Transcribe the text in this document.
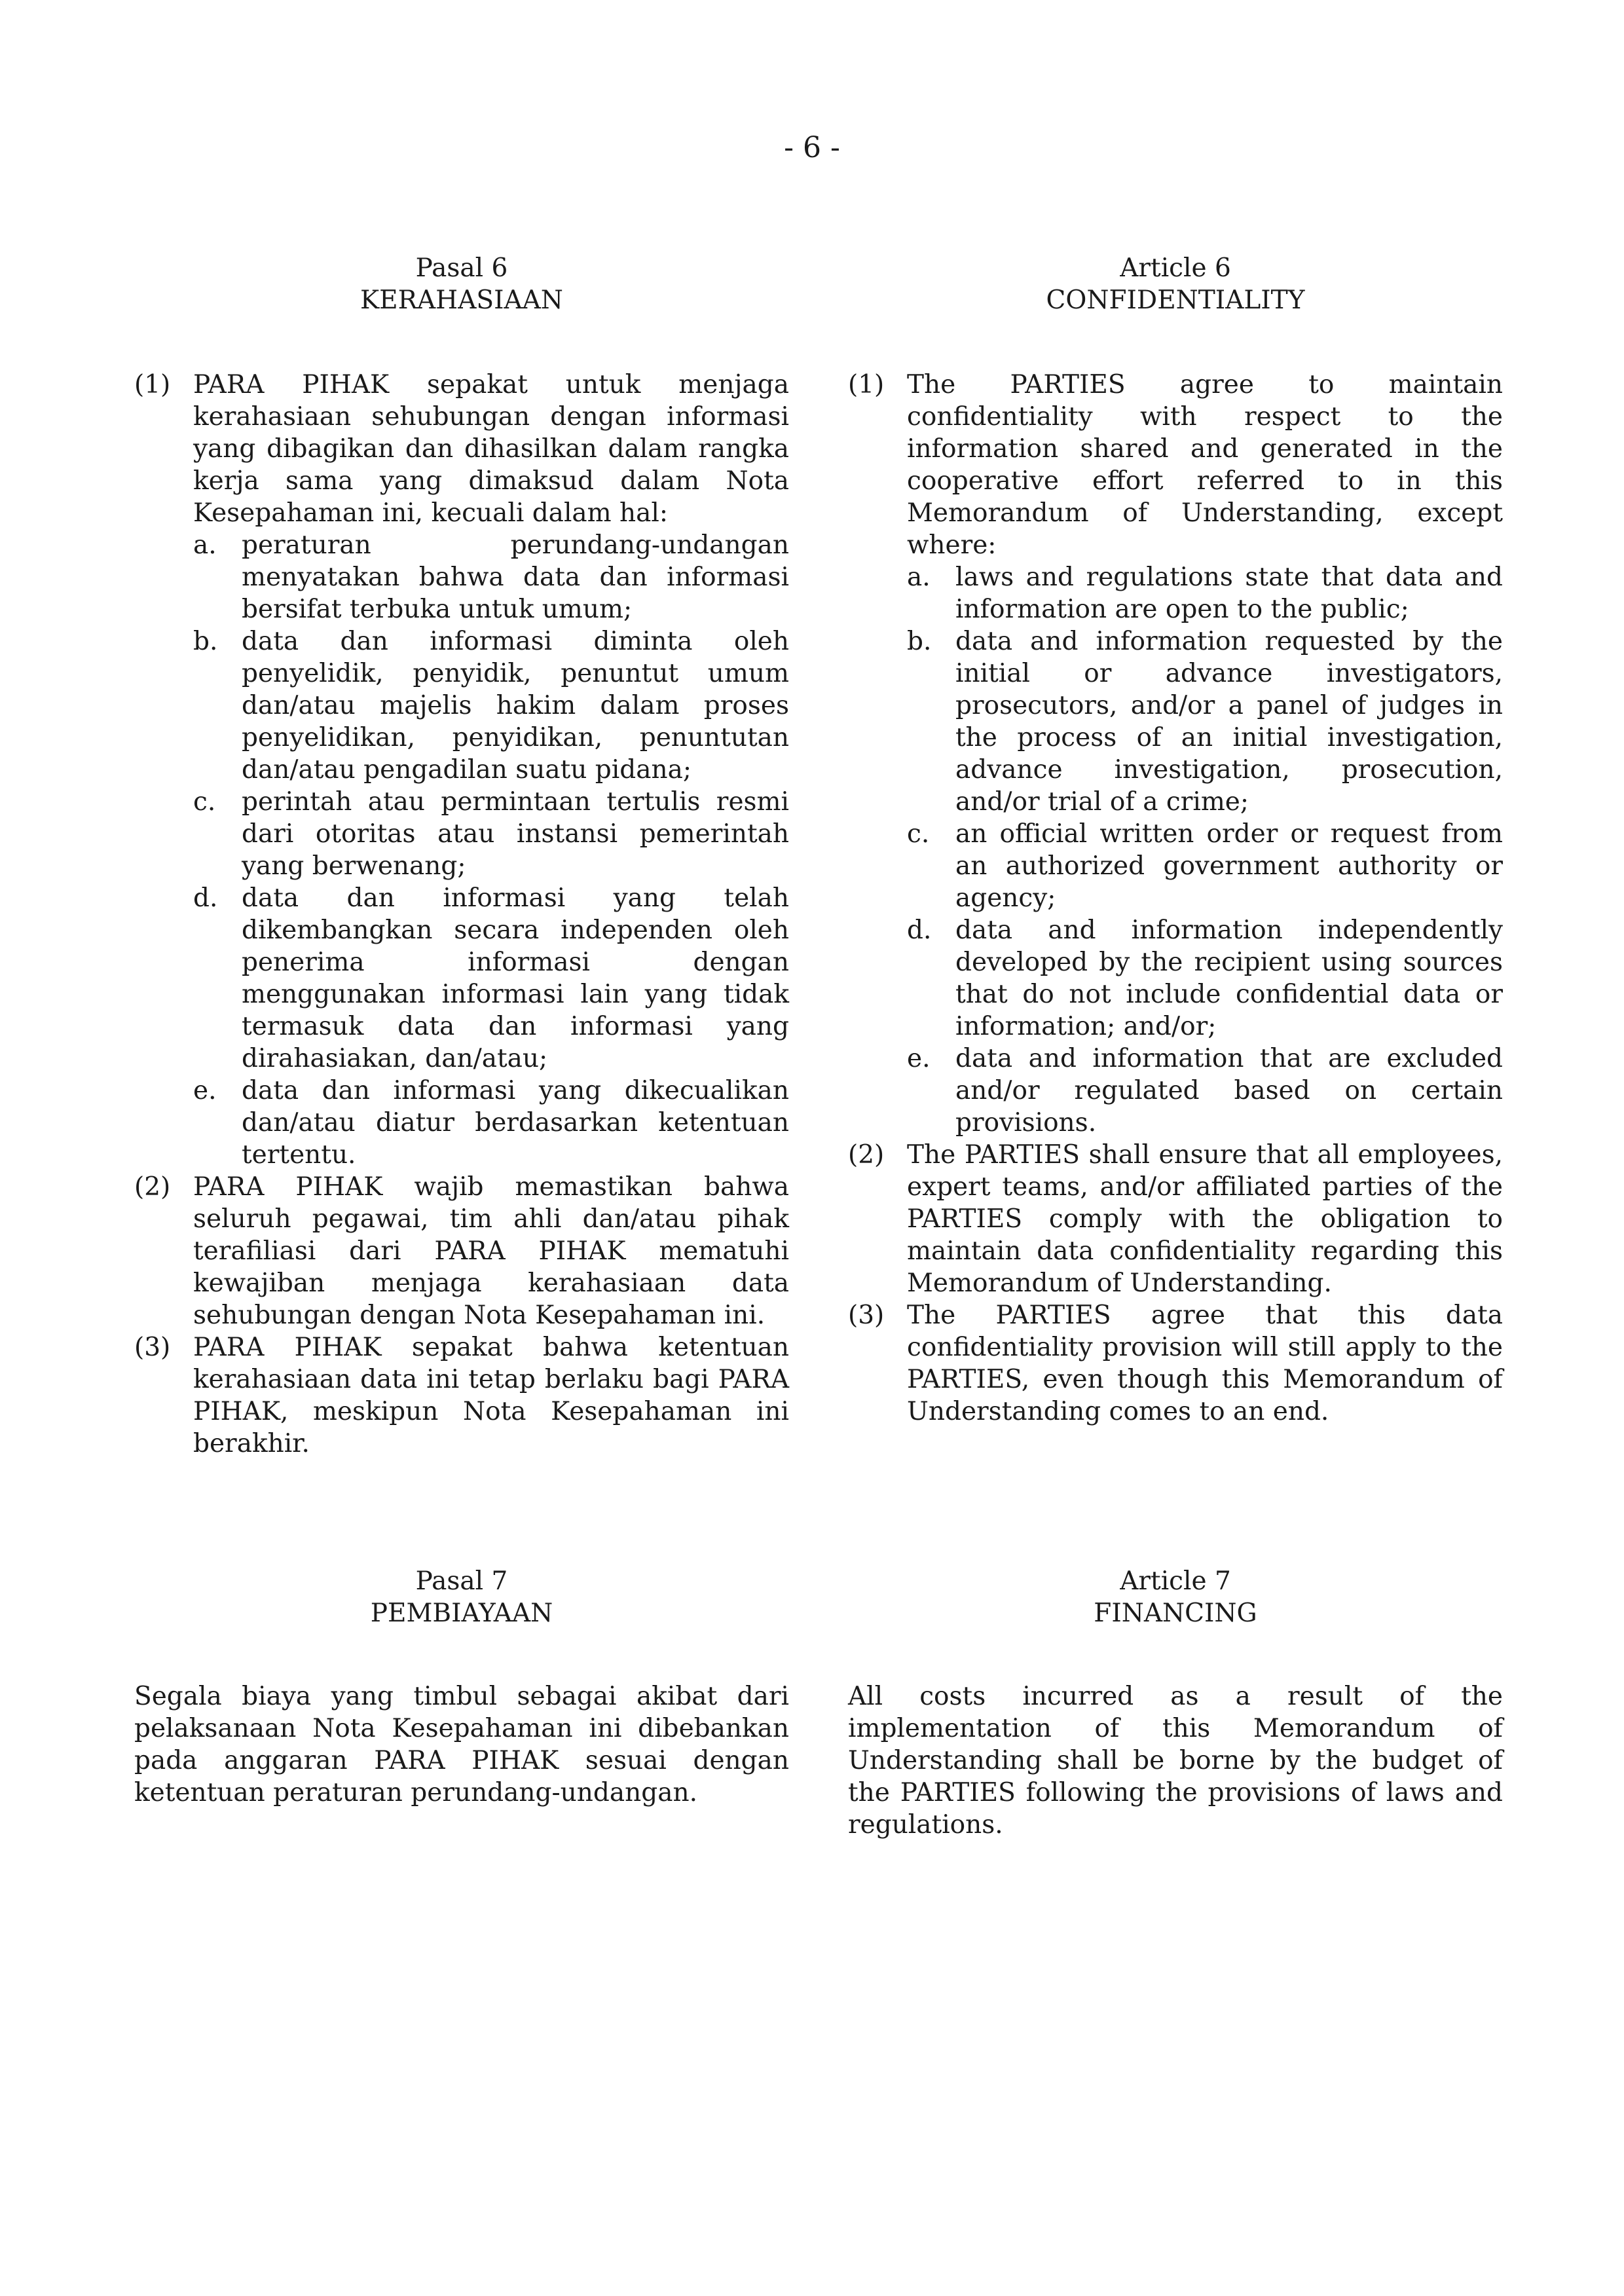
- 6 -
Pasal 6
KERAHASIAAN
(1) PARA PIHAK sepakat untuk menjaga kerahasiaan sehubungan dengan informasi yang dibagikan dan dihasilkan dalam rangka kerja sama yang dimaksud dalam Nota Kesepahaman ini, kecuali dalam hal:
a. peraturan perundang-undangan menyatakan bahwa data dan informasi bersifat terbuka untuk umum;
b. data dan informasi diminta oleh penyelidik, penyidik, penuntut umum dan/atau majelis hakim dalam proses penyelidikan, penyidikan, penuntutan dan/atau pengadilan suatu pidana;
c.	perintah atau permintaan tertulis resmi dari otoritas atau instansi pemerintah yang berwenang;
d. data dan informasi yang telah dikembangkan secara independen oleh penerima informasi dengan menggunakan informasi lain yang tidak termasuk data dan informasi yang dirahasiakan, dan/atau;
e. data dan informasi yang dikecualikan dan/atau diatur berdasarkan ketentuan tertentu.
(2) PARA PIHAK wajib memastikan bahwa seluruh pegawai, tim ahli dan/atau pihak terafiliasi dari PARA PIHAK mematuhi kewajiban menjaga kerahasiaan data sehubungan dengan Nota Kesepahaman ini.
(3) PARA PIHAK sepakat bahwa ketentuan kerahasiaan data ini tetap berlaku bagi PARA PIHAK, meskipun Nota Kesepahaman ini berakhir.
Article 6
CONFIDENTIALITY
(1) The PARTIES agree to maintain confidentiality with respect to the information shared and generated in the cooperative effort referred to in this Memorandum of Understanding, except where:
a. laws and regulations state that data and information are open to the public;
b. data and information requested by the initial or advance investigators, prosecutors, and/or a panel of judges in the process of an initial investigation, advance investigation, prosecution, and/or trial of a crime;
c.	an official written order or request from an authorized government authority or agency;
d. data and information independently developed by the recipient using sources that do not include confidential data or information; and/or;
e. data and information that are excluded and/or regulated based on certain provisions.
(2) The PARTIES shall ensure that all employees, expert teams, and/or affiliated parties of the PARTIES comply with the obligation to maintain data confidentiality regarding this Memorandum of Understanding.
(3) The PARTIES agree that this data confidentiality provision will still apply to the PARTIES, even though this Memorandum of Understanding comes to an end.
Pasal 7
PEMBIAYAAN

Segala biaya yang timbul sebagai akibat dari pelaksanaan Nota Kesepahaman ini dibebankan pada anggaran PARA PIHAK sesuai dengan ketentuan peraturan perundang-undangan.

Article 7
FINANCING

All costs incurred as a result of the implementation of this Memorandum of Understanding shall be borne by the budget of the PARTIES following the provisions of laws and regulations.
